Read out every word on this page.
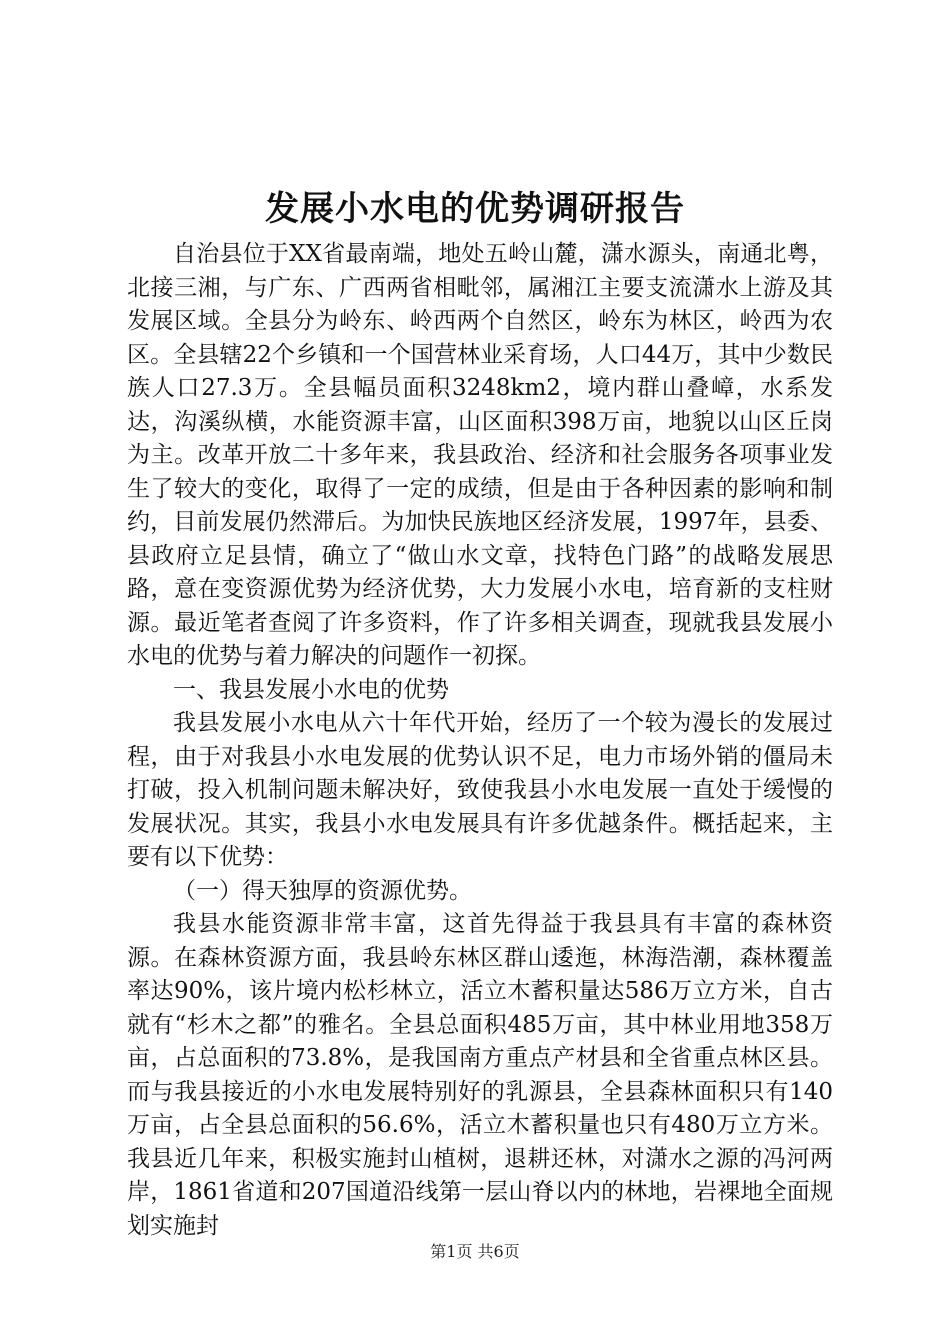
发展小水电的优势调研报告

自治县位于XX省最南端，地处五岭山麓，潇水源头，南通北粤，北接三湘，与广东、广西两省相毗邻，属湘江主要支流潇水上游及其发展区域。全县分为岭东、岭西两个自然区，岭东为林区，岭西为农区。全县辖22个乡镇和一个国营林业采育场，人口44万，其中少数民族人口27.3万。全县幅员面积3248km2，境内群山叠嶂，水系发达，沟溪纵横，水能资源丰富，山区面积398万亩，地貌以山区丘岗为主。改革开放二十多年来，我县政治、经济和社会服务各项事业发生了较大的变化，取得了一定的成绩，但是由于各种因素的影响和制约，目前发展仍然滞后。为加快民族地区经济发展，1997年，县委、县政府立足县情，确立了“做山水文章，找特色门路”的战略发展思路，意在变资源优势为经济优势，大力发展小水电，培育新的支柱财源。最近笔者查阅了许多资料，作了许多相关调查，现就我县发展小水电的优势与着力解决的问题作一初探。

一、我县发展小水电的优势

我县发展小水电从六十年代开始，经历了一个较为漫长的发展过程，由于对我县小水电发展的优势认识不足，电力市场外销的僵局未打破，投入机制问题未解决好，致使我县小水电发展一直处于缓慢的发展状况。其实，我县小水电发展具有许多优越条件。概括起来，主要有以下优势：

（一）得天独厚的资源优势。

我县水能资源非常丰富，这首先得益于我县具有丰富的森林资源。在森林资源方面，我县岭东林区群山逶迤，林海浩潮，森林覆盖率达90%，该片境内松杉林立，活立木蓄积量达586万立方米，自古就有“杉木之都”的雅名。全县总面积485万亩，其中林业用地358万亩，占总面积的73.8%，是我国南方重点产材县和全省重点林区县。而与我县接近的小水电发展特别好的乳源县，全县森林面积只有140万亩，占全县总面积的56.6%，活立木蓄积量也只有480万立方米。我县近几年来，积极实施封山植树，退耕还林，对潇水之源的冯河两岸，1861省道和207国道沿线第一层山脊以内的林地，岩裸地全面规划实施封

第1页 共6页
